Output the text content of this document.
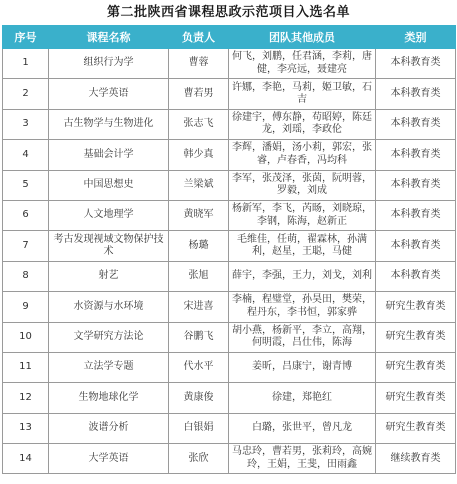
第二批陕西省课程思政示范项目入选名单
序号	课程名称	负责人	团队其他成员	类别
1	组织行为学	曹蓉	何飞，刘鹏，任君涵，李莉，唐健，李亮远，聂建亮	本科教育类
2	大学英语	曹若男	许娜，李艳，马莉，姬卫敏，石吉	本科教育类
3	古生物学与生物进化	张志飞	徐建宇，傅东静，苟昭婷，陈廷龙，刘瑶，李政伦	本科教育类
4	基础会计学	韩少真	李辉，潘娟，汤小莉，郭宏，张睿，卢春香，冯均科	本科教育类
5	中国思想史	兰梁斌	李军，张茂泽，张茵，阮明蓉，罗毅，刘成	本科教育类
6	人文地理学	黄晓军	杨新军，李飞，芮旸，刘晓琼，李钢，陈海，赵新正	本科教育类
7	考古发现视域文物保护技术	杨璐	毛维佳，任萌，翟霖林，孙满利，赵星，王聪，马健	本科教育类
8	射艺	张旭	薛宇，李强，王力，刘戈，刘利	本科教育类
9	水资源与水环境	宋进喜	李楠，程璧堂，孙昊田，樊荣，程丹东，李书恒，郭家骅	研究生教育类
10	文学研究方法论	谷鹏飞	胡小燕，杨新平，李立，高翔，何明霞，吕仕伟，陈海	研究生教育类
11	立法学专题	代水平	姜昕，吕康宁，谢青博	研究生教育类
12	生物地球化学	黄康俊	徐建，郑艳红	研究生教育类
13	波谱分析	白银娟	白璐，张世平，曾凡龙	研究生教育类
14	大学英语	张欣	马忠玲，曹若男，张莉玲，高婉玲，王娟，王斐，田雨鑫	继续教育类
